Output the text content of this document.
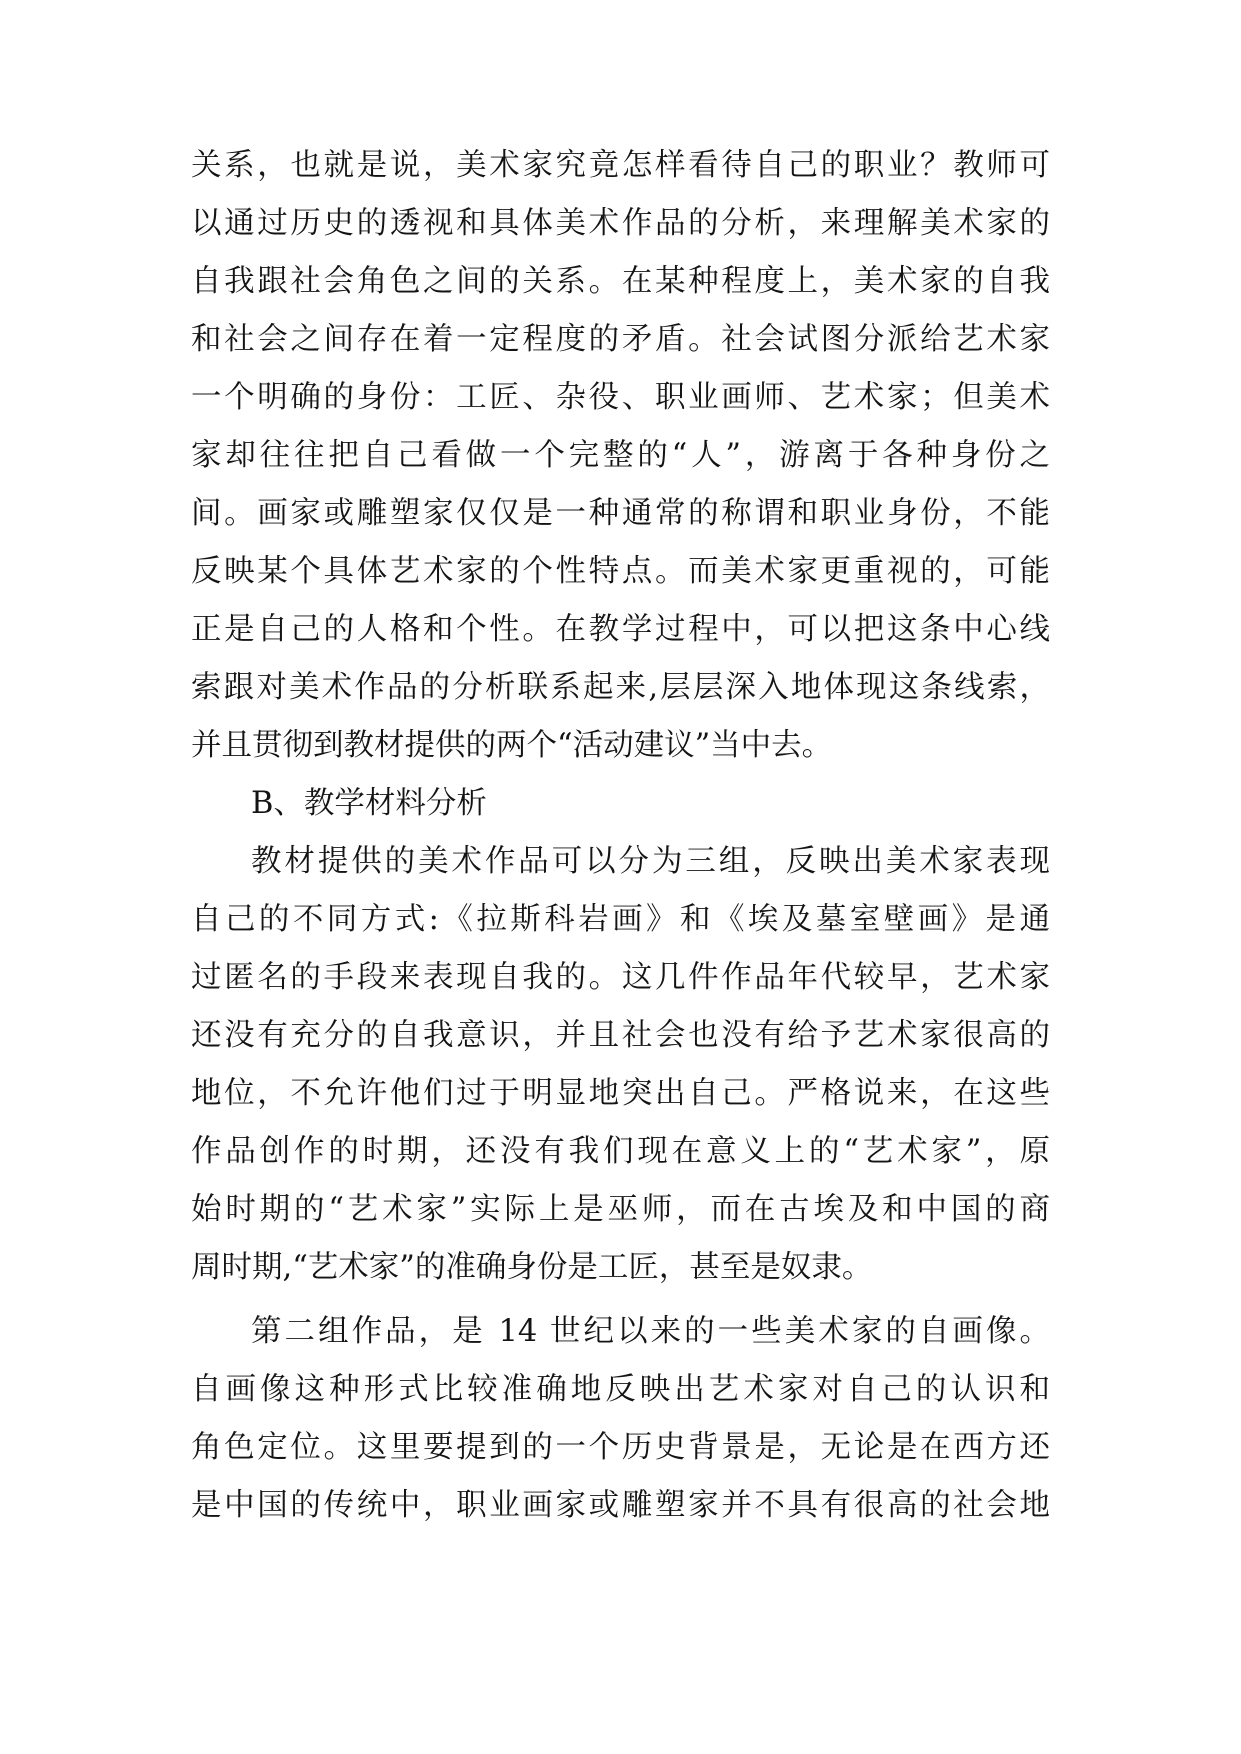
关系，也就是说，美术家究竟怎样看待自己的职业？教师可
以通过历史的透视和具体美术作品的分析，来理解美术家的
自我跟社会角色之间的关系。在某种程度上，美术家的自我
和社会之间存在着一定程度的矛盾。社会试图分派给艺术家
一个明确的身份：工匠、杂役、职业画师、艺术家；但美术
家却往往把自己看做一个完整的“人”，游离于各种身份之
间。画家或雕塑家仅仅是一种通常的称谓和职业身份，不能
反映某个具体艺术家的个性特点。而美术家更重视的，可能
正是自己的人格和个性。在教学过程中，可以把这条中心线
索跟对美术作品的分析联系起来,层层深入地体现这条线索，
并且贯彻到教材提供的两个“活动建议”当中去。
B、教学材料分析
教材提供的美术作品可以分为三组，反映出美术家表现
自己的不同方式:《拉斯科岩画》和《埃及墓室壁画》是通
过匿名的手段来表现自我的。这几件作品年代较早，艺术家
还没有充分的自我意识，并且社会也没有给予艺术家很高的
地位，不允许他们过于明显地突出自己。严格说来，在这些
作品创作的时期，还没有我们现在意义上的“艺术家”，原
始时期的“艺术家”实际上是巫师，而在古埃及和中国的商
周时期,“艺术家”的准确身份是工匠，甚至是奴隶。
第二组作品，是 14 世纪以来的一些美术家的自画像。
自画像这种形式比较准确地反映出艺术家对自己的认识和
角色定位。这里要提到的一个历史背景是，无论是在西方还
是中国的传统中，职业画家或雕塑家并不具有很高的社会地
